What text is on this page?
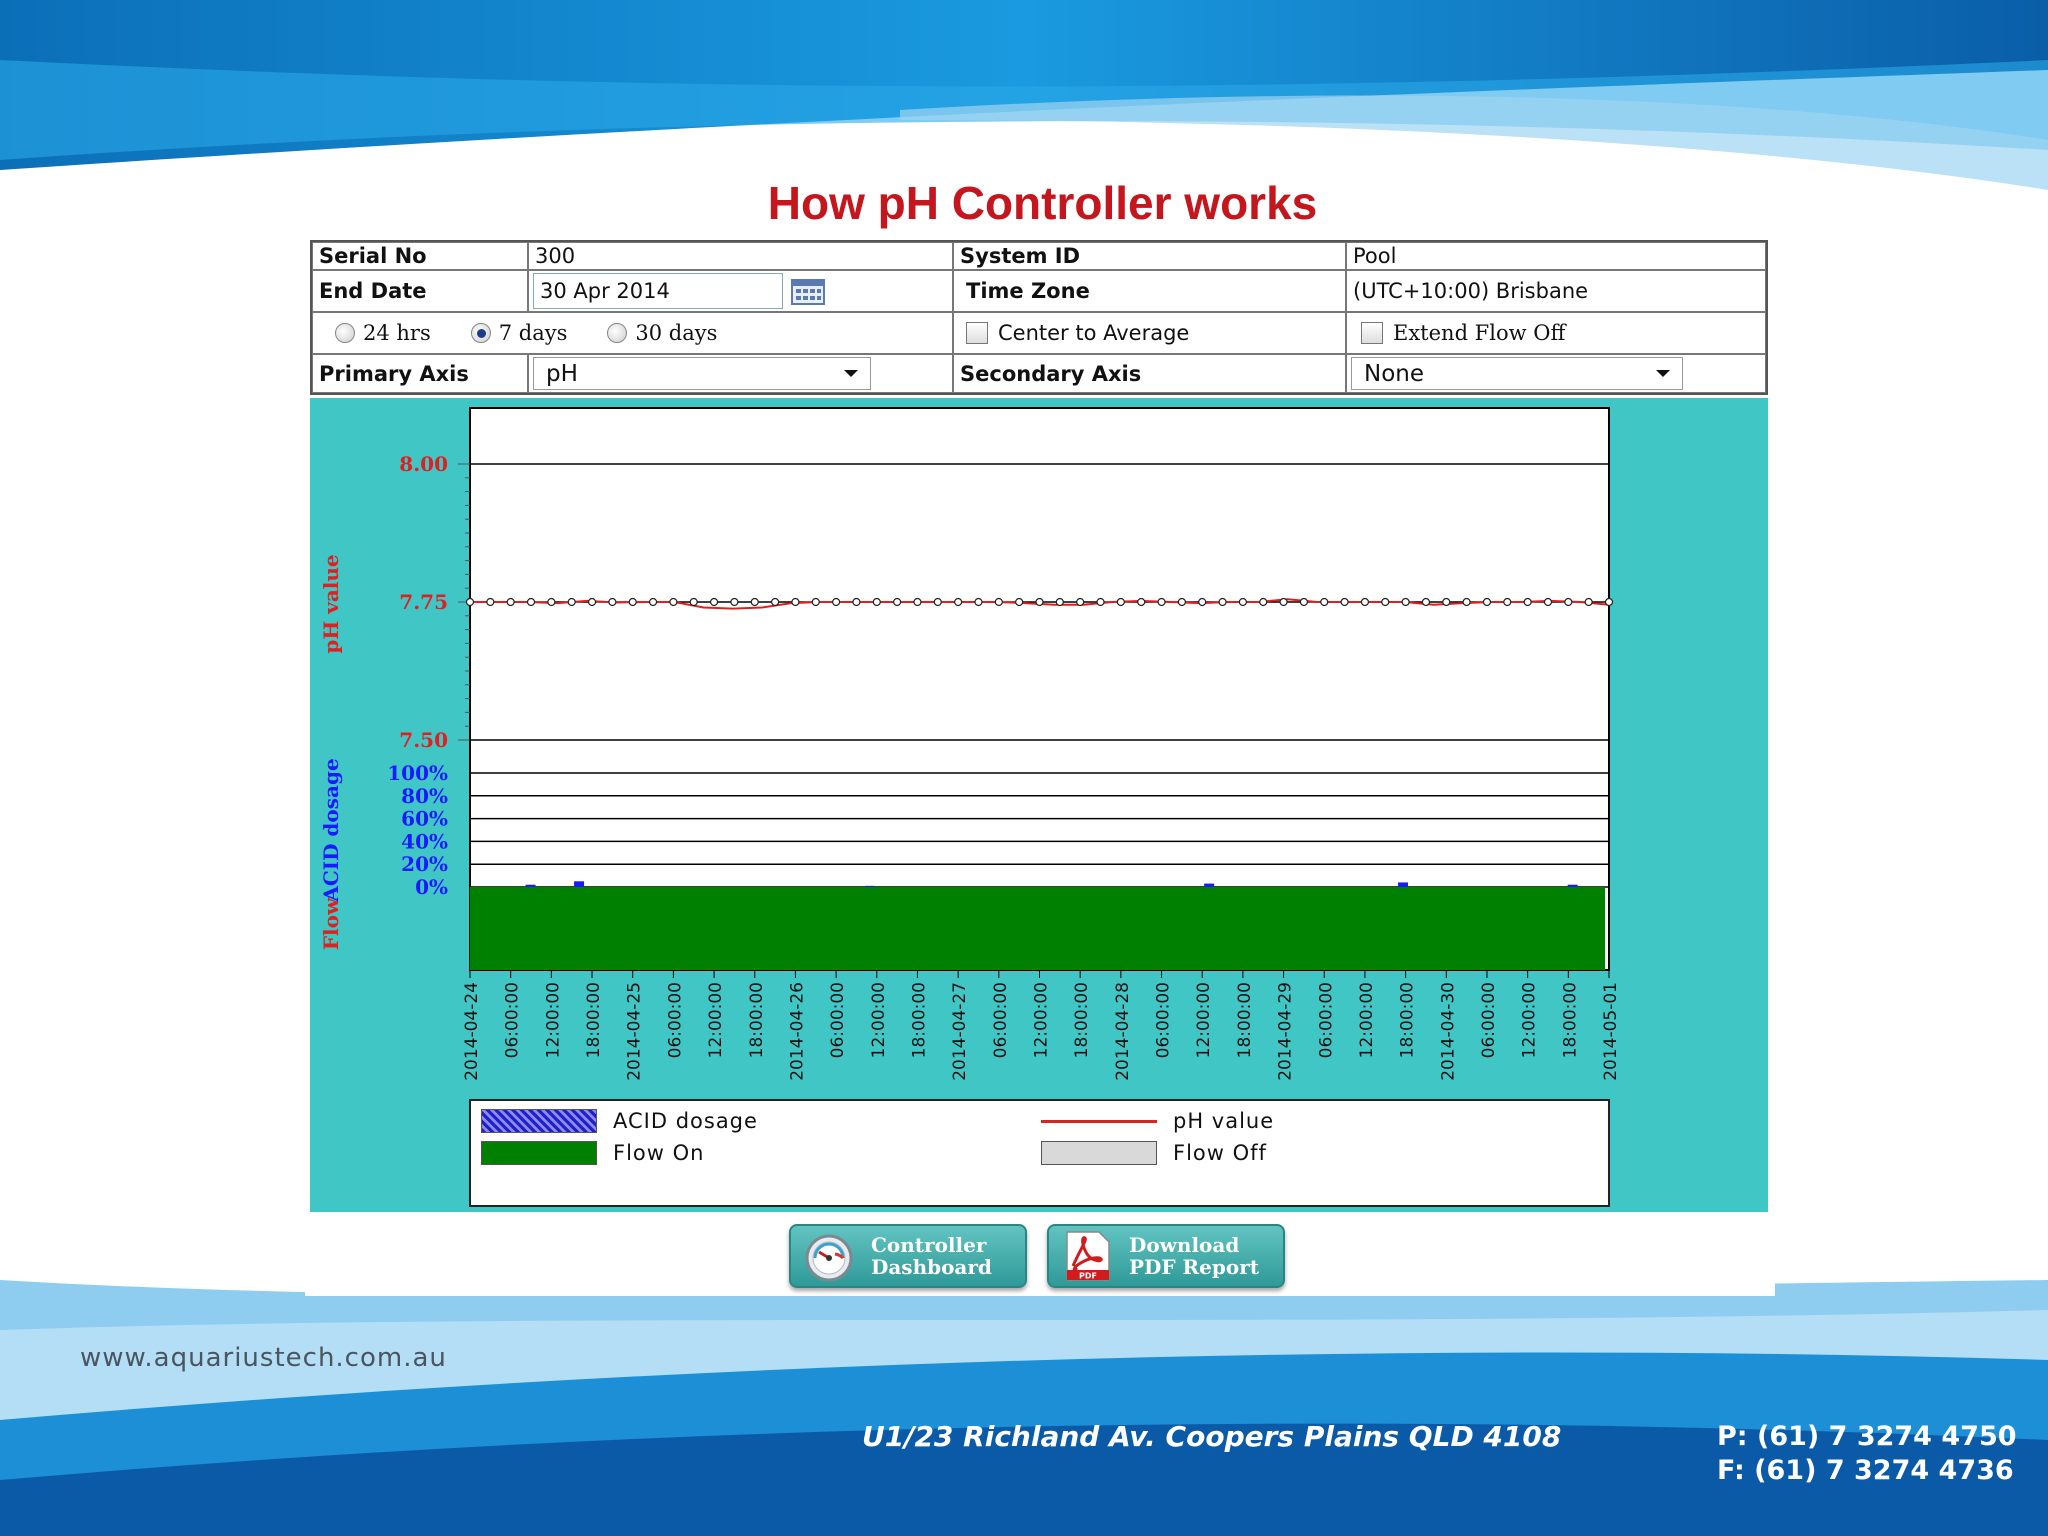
How pH Controller works
Serial No	300	System ID	Pool
End Date	30 Apr 2014	Time Zone	(UTC+10:00) Brisbane
24 hrs	7 days	30 days	Center to Average	Extend Flow Off
Primary Axis	pH	Secondary Axis	None
8.00
7.75
7.50
100%
80%
60%
40%
20%
0%
2014-04-24 06:00:00 12:00:00 18:00:00 2014-04-25 06:00:00 12:00:00 18:00:00 2014-04-26 06:00:00 12:00:00 18:00:00 2014-04-27 06:00:00 12:00:00 18:00:00 2014-04-28 06:00:00 12:00:00 18:00:00 2014-04-29 06:00:00 12:00:00 18:00:00 2014-04-30 06:00:00 12:00:00 18:00:00 2014-05-01
pH value
ACID dosage
Flow
ACID dosage	pH value
Flow On	Flow Off
Controller
Dashboard	PDF
Download
PDF Report
www.aquariustech.com.au
U1/23 Richland Av. Coopers Plains QLD 4108	P: (61) 7 3274 4750
F: (61) 7 3274 4736
